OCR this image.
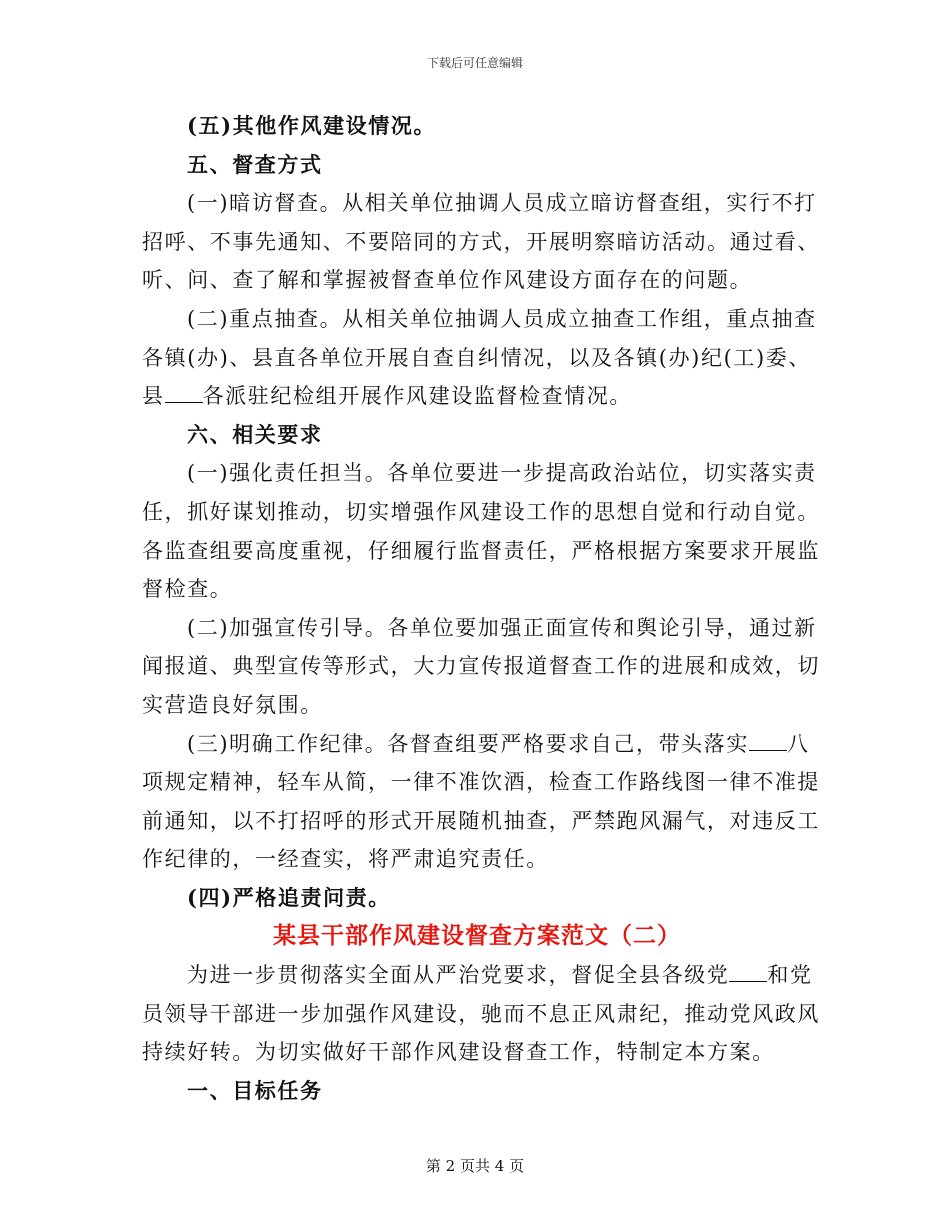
下载后可任意编辑
(五)其他作风建设情况。
五、督查方式
(一)暗访督查。从相关单位抽调人员成立暗访督查组，实行不打
招呼、不事先通知、不要陪同的方式，开展明察暗访活动。通过看、
听、问、查了解和掌握被督查单位作风建设方面存在的问题。
(二)重点抽查。从相关单位抽调人员成立抽查工作组，重点抽查
各镇(办)、县直各单位开展自查自纠情况，以及各镇(办)纪(工)委、
县 各派驻纪检组开展作风建设监督检查情况。
六、相关要求
(一)强化责任担当。各单位要进一步提高政治站位，切实落实责
任，抓好谋划推动，切实增强作风建设工作的思想自觉和行动自觉。
各监查组要高度重视，仔细履行监督责任，严格根据方案要求开展监
督检查。
(二)加强宣传引导。各单位要加强正面宣传和舆论引导，通过新
闻报道、典型宣传等形式，大力宣传报道督查工作的进展和成效，切
实营造良好氛围。
(三)明确工作纪律。各督查组要严格要求自己，带头落实 八
项规定精神，轻车从简，一律不准饮酒，检查工作路线图一律不准提
前通知，以不打招呼的形式开展随机抽查，严禁跑风漏气，对违反工
作纪律的，一经查实，将严肃追究责任。
(四)严格追责问责。
某县干部作风建设督查方案范文（二）
为进一步贯彻落实全面从严治党要求，督促全县各级党 和党
员领导干部进一步加强作风建设，驰而不息正风肃纪，推动党风政风
持续好转。为切实做好干部作风建设督查工作，特制定本方案。
一、目标任务
第 2 页共 4 页
